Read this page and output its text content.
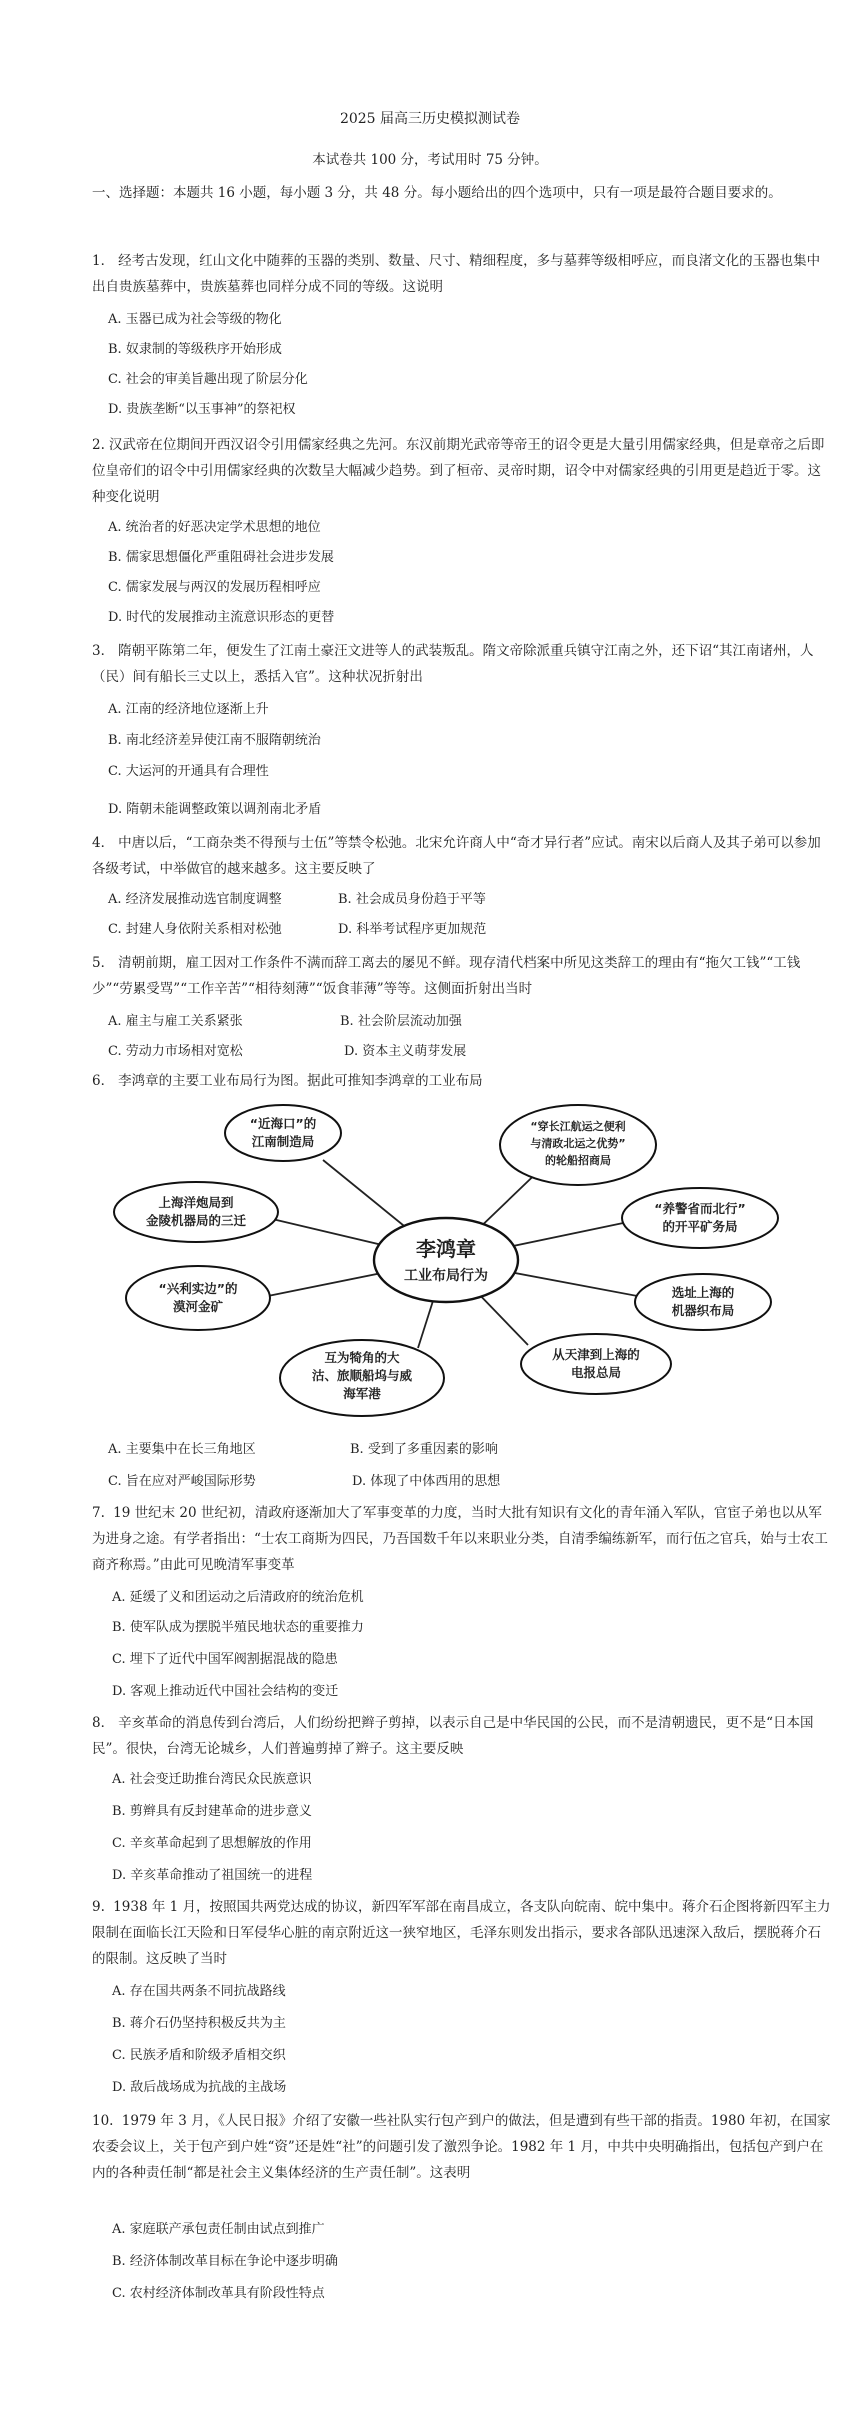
2025 届高三历史模拟测试卷
本试卷共 100 分，考试用时 75 分钟。
一、选择题：本题共 16 小题，每小题 3 分，共 48 分。每小题给出的四个选项中，只有一项是最符合题目要求的。
1． 经考古发现，红山文化中随葬的玉器的类别、数量、尺寸、精细程度，多与墓葬等级相呼应，而良渚文化的玉器也集中出自贵族墓葬中，贵族墓葬也同样分成不同的等级。这说明
A. 玉器已成为社会等级的物化
B. 奴隶制的等级秩序开始形成
C. 社会的审美旨趣出现了阶层分化
D. 贵族垄断“以玉事神”的祭祀权
2. 汉武帝在位期间开西汉诏令引用儒家经典之先河。东汉前期光武帝等帝王的诏令更是大量引用儒家经典，但是章帝之后即位皇帝们的诏令中引用儒家经典的次数呈大幅减少趋势。到了桓帝、灵帝时期，诏令中对儒家经典的引用更是趋近于零。这种变化说明
A. 统治者的好恶决定学术思想的地位
B. 儒家思想僵化严重阻碍社会进步发展
C. 儒家发展与两汉的发展历程相呼应
D. 时代的发展推动主流意识形态的更替
3． 隋朝平陈第二年，便发生了江南土豪汪文进等人的武装叛乱。隋文帝除派重兵镇守江南之外，还下诏“其江南诸州，人（民）间有船长三丈以上，悉括入官”。这种状况折射出
A. 江南的经济地位逐渐上升
B. 南北经济差异使江南不服隋朝统治
C. 大运河的开通具有合理性
D. 隋朝未能调整政策以调剂南北矛盾
4． 中唐以后，“工商杂类不得预与士伍”等禁令松弛。北宋允许商人中“奇才异行者”应试。南宋以后商人及其子弟可以参加各级考试，中举做官的越来越多。这主要反映了
A. 经济发展推动选官制度调整	B. 社会成员身份趋于平等
C. 封建人身依附关系相对松弛	D. 科举考试程序更加规范
5． 清朝前期，雇工因对工作条件不满而辞工离去的屡见不鲜。现存清代档案中所见这类辞工的理由有“拖欠工钱”“工钱少”“劳累受骂”“工作辛苦”“相待刻薄”“饭食菲薄”等等。这侧面折射出当时
A. 雇主与雇工关系紧张	B. 社会阶层流动加强
C. 劳动力市场相对宽松	D. 资本主义萌芽发展
6． 李鸿章的主要工业布局行为图。据此可推知李鸿章的工业布局
“近海口”的
江南制造局
“穿长江航运之便利
与清政北运之优势”
的轮船招商局
“养警省而北行”
的开平矿务局
选址上海的
机器织布局
从天津到上海的
电报总局
互为犄角的大
沽、旅顺船坞与威
海军港
“兴利实边”的
漠河金矿
上海洋炮局到
金陵机器局的三迁
李鸿章
工业布局行为
A. 主要集中在长三角地区	B. 受到了多重因素的影响
C. 旨在应对严峻国际形势	D. 体现了中体西用的思想
7. 19 世纪末 20 世纪初，清政府逐渐加大了军事变革的力度，当时大批有知识有文化的青年涌入军队，官宦子弟也以从军为进身之途。有学者指出：“士农工商斯为四民，乃吾国数千年以来职业分类，自清季编练新军，而行伍之官兵，始与士农工商齐称焉。”由此可见晚清军事变革
A. 延缓了义和团运动之后清政府的统治危机
B. 使军队成为摆脱半殖民地状态的重要推力
C. 埋下了近代中国军阀割据混战的隐患
D. 客观上推动近代中国社会结构的变迁
8． 辛亥革命的消息传到台湾后，人们纷纷把辫子剪掉，以表示自己是中华民国的公民，而不是清朝遗民，更不是“日本国民”。很快，台湾无论城乡，人们普遍剪掉了辫子。这主要反映
A. 社会变迁助推台湾民众民族意识
B. 剪辫具有反封建革命的进步意义
C. 辛亥革命起到了思想解放的作用
D. 辛亥革命推动了祖国统一的进程
9. 1938 年 1 月，按照国共两党达成的协议，新四军军部在南昌成立，各支队向皖南、皖中集中。蒋介石企图将新四军主力限制在面临长江天险和日军侵华心脏的南京附近这一狭窄地区，毛泽东则发出指示，要求各部队迅速深入敌后，摆脱蒋介石的限制。这反映了当时
A. 存在国共两条不同抗战路线
B. 蒋介石仍坚持积极反共为主
C. 民族矛盾和阶级矛盾相交织
D. 敌后战场成为抗战的主战场
10. 1979 年 3 月，《人民日报》介绍了安徽一些社队实行包产到户的做法，但是遭到有些干部的指责。1980 年初，在国家农委会议上，关于包产到户姓“资”还是姓“社”的问题引发了激烈争论。1982 年 1 月，中共中央明确指出，包括包产到户在内的各种责任制“都是社会主义集体经济的生产责任制”。这表明
A. 家庭联产承包责任制由试点到推广
B. 经济体制改革目标在争论中逐步明确
C. 农村经济体制改革具有阶段性特点
